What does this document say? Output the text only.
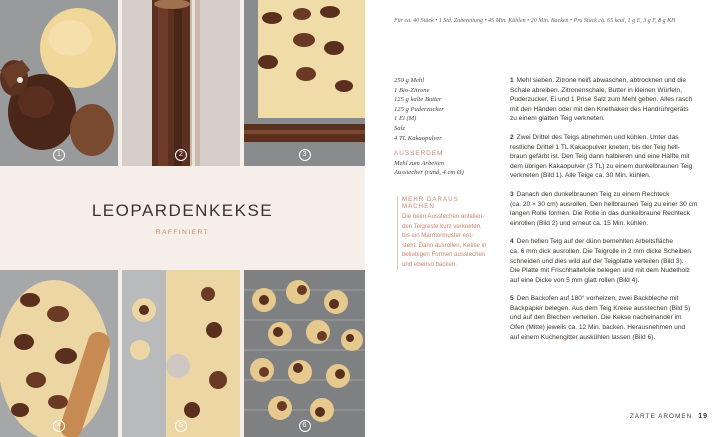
1	2	3
LEOPARDENKEKSE
RAFFINIERT
4	5	6
Für ca. 40 Stück • 1 Std. Zubereitung • 45 Min. Kühlen • 20 Min. Backen • Pro Stück ca. 65 kcal, 1 g E, 3 g F, 8 g KH
250 g Mehl
1 Bio-Zitrone
125 g kalte Butter
125 g Puderzucker
1 Ei (M)
Salz
4 TL Kakaopulver
AUSSERDEM
Mehl zum Arbeiten
Ausstecher (rund, 4 cm Ø)
MEHR DARAUS MACHEN
Die beim Ausstechen anfallen-
den Teigreste kurz verkneten,
bis ein Marmormuster ent-
steht. Dann ausrollen, Kekse in
beliebigen Formen ausstechen
und ebenso backen.
1 Mehl sieben. Zitrone heiß abwaschen, abtrocknen und die
Schale abreiben. Zitronenschale, Butter in kleinen Würfeln,
Puderzucker, Ei und 1 Prise Salz zum Mehl geben. Alles rasch
mit den Händen oder mit den Knethaken des Handrührgeräts
zu einem glatten Teig verkneten.
2 Zwei Drittel des Teigs abnehmen und kühlen. Unter das
restliche Drittel 1 TL Kakaopulver kneten, bis der Teig hell-
braun gefärbt ist. Den Teig dann halbieren und eine Hälfte mit
dem übrigen Kakaopulver (3 TL) zu einem dunkelbraunen Teig
verkneten (Bild 1). Alle Teige ca. 30 Min. kühlen.
3 Danach den dunkelbraunen Teig zu einem Rechteck
(ca. 20 × 30 cm) ausrollen. Den hellbraunen Teig zu einer 30 cm
langen Rolle formen. Die Rolle in das dunkelbraune Rechteck
einrollen (Bild 2) und erneut ca. 15 Min. kühlen.
4 Den hellen Teig auf der dünn bemehlten Arbeitsfläche
ca. 6 mm dick ausrollen. Die Teigrolle in 2 mm dicke Scheiben
schneiden und dies wild auf der Teigplatte verteilen (Bild 3).
Die Platte mit Frischhaltefolie belegen und mit dem Nudelholz
auf eine Dicke von 5 mm glatt rollen (Bild 4).
5 Den Backofen auf 180° vorheizen, zwei Backbleche mit
Backpapier belegen. Aus dem Teig Kreise ausstechen (Bild 5)
und auf den Blechen verteilen. Die Kekse nacheinander im
Ofen (Mitte) jeweils ca. 12 Min. backen. Herausnehmen und
auf einem Kuchengitter auskühlen lassen (Bild 6).
ZARTE AROMEN 19
